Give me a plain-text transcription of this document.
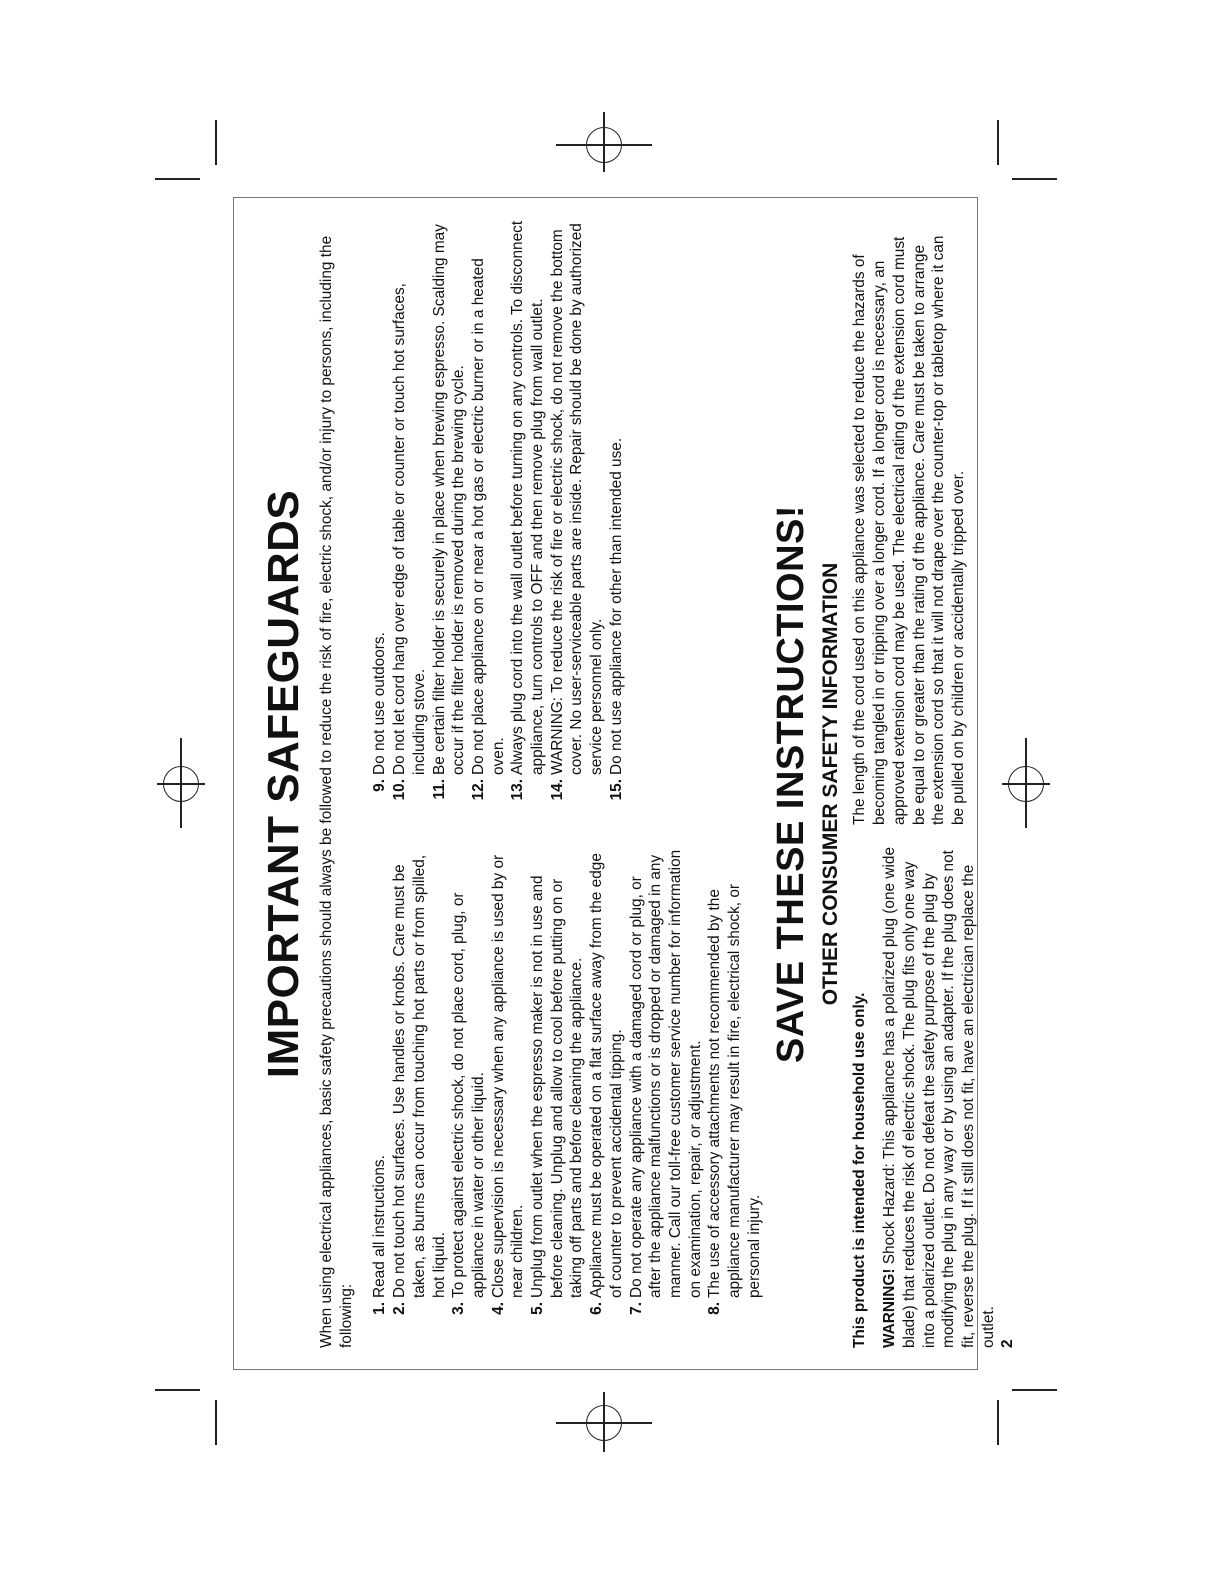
IMPORTANT SAFEGUARDS When using electrical appliances, basic safety precautions should always be followed to reduce the risk of fire, electric shock, and/or injury to persons, including the following: 1.
Read all instructions.
2.
Do not touch hot surfaces. Use handles or knobs. Care must be taken, as burns can occur from touching hot parts or from spilled, hot liquid.
3.
To protect against electric shock, do not place cord, plug, or appliance in water or other liquid.
4.
Close supervision is necessary when any appliance is used by or near children.
5.
Unplug from outlet when the espresso maker is not in use and before cleaning. Unplug and allow to cool before putting on or taking off parts and before cleaning the appliance.
6.
Appliance must be operated on a flat surface away from the edge of counter to prevent accidental tipping.
7.
Do not operate any appliance with a damaged cord or plug, or after the appliance malfunctions or is dropped or damaged in any manner. Call our toll-free customer service number for information on examination, repair, or adjustment.
8.
The use of accessory attachments not recommended by the appliance manufacturer may result in fire, electrical shock, or personal injury.
9.
Do not use outdoors.
10.
Do not let cord hang over edge of table or counter or touch hot surfaces, including stove.
11.
Be certain filter holder is securely in place when brewing espresso. Scalding may occur if the filter holder is removed during the brewing cycle.
12.
Do not place appliance on or near a hot gas or electric burner or in a heated oven.
13.
Always plug cord into the wall outlet before turning on any controls. To disconnect appliance, turn controls to OFF and then remove plug from wall outlet.
14.
WARNING: To reduce the risk of fire or electric shock, do not remove the bottom cover. No user-serviceable parts are inside. Repair should be done by authorized service personnel only.
15.
Do not use appliance for other than intended use.	SAVE THESE INSTRUCTIONS! OTHER CONSUMER SAFETY INFORMATION

This product is intended for household use only. WARNING! Shock Hazard: This appliance has a polarized plug (one wide blade) that reduces the risk of electric shock. The plug fits only one way into a polarized outlet. Do not defeat the safety purpose of the plug by modifying the plug in any way or by using an adapter. If the plug does not fit, reverse the plug. If it still does not fit, have an electrician replace the outlet. 2

The length of the cord used on this appliance was selected to reduce the hazards of becoming tangled in or tripping over a longer cord. If a longer cord is necessary, an approved extension cord may be used. The electrical rating of the extension cord must be equal to or greater than the rating of the appliance. Care must be taken to arrange the extension cord so that it will not drape over the counter-top or tabletop where it can be pulled on by children or accidentally tripped over.
